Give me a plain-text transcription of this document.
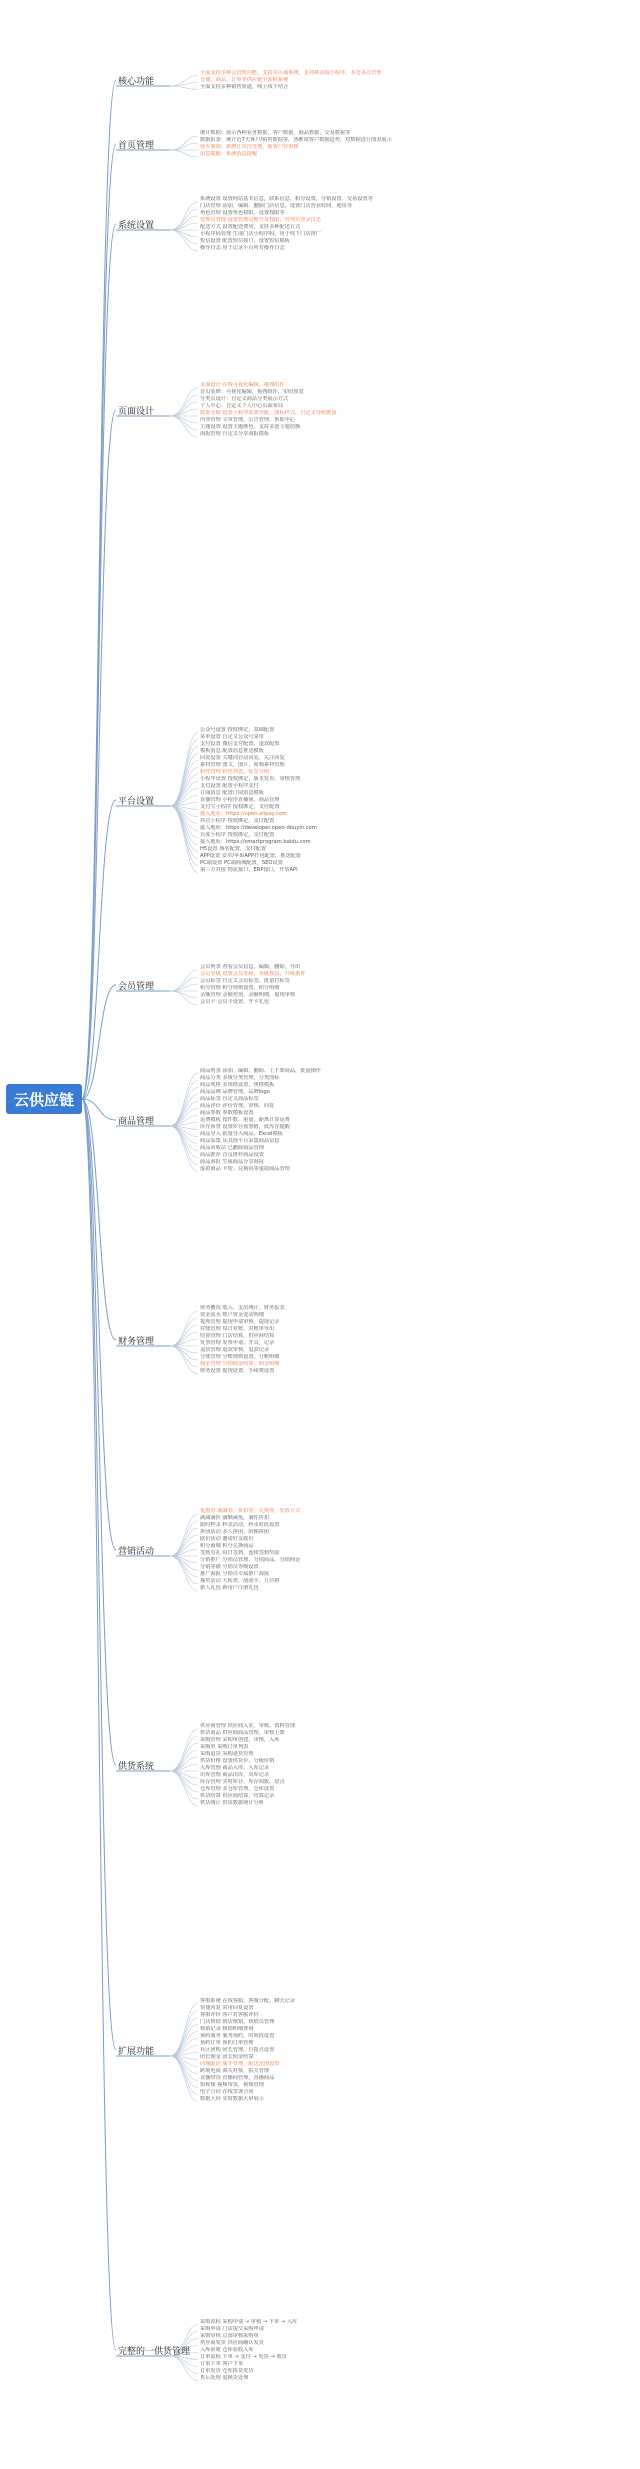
云供应链
核心功能
全面支持多种云管理功能，支持多区域系统，支持移动端小程序，多仓多点管理
仓储、商品、订单等供应链全流程系统
全面支持多种销售渠道，线上线下结合
首页管理
统计数据：展示各种业务数据，客户数据，商品数据，交易数据等
数据报表：统计近7天客户/销售数据等，各维度客户数据趋势，对数据进行图表展示
待办事项：新增订单待处理，新客户待审核
消息提醒：系统消息提醒
系统设置
系统设置 设置网站基本信息，联系信息，积分设置，分销设置，交易设置等
门店管理 添加、编辑、删除门店信息，设置门店营业时间、地址等
角色管理 设置角色权限，设置权限等
管理员管理 设置管理员账号及权限，管理员登录日志
配送方式 设置配送费用，支持多种配送方式
小程序码管理 生成门店小程序码，用于线下门店推广
短信设置 配置短信接口，设置短信模板
操作日志 用于记录平台所有操作日志
页面设计
页面设计 在线可视化编辑，拖拽组件
首页装修：可视化编辑，拖拽组件，实时预览
分类页设计：自定义商品分类展示方式
个人中心：自定义个人中心页面布局
底部导航 设置小程序底部导航，图标样式，自定义导航链接
内容管理 文章管理，公告管理，帮助中心
主题设置 设置主题颜色，支持多套主题切换
海报管理 自定义分享海报模板
平台设置
公众号设置 授权绑定，基础配置
菜单设置 自定义公众号菜单
支付设置 微信支付配置，退款配置
模板消息 配置消息推送模板
回复设置 关键词自动回复，关注回复
素材管理 图文、图片、视频素材管理
粉丝管理 粉丝列表，标签分组
小程序设置 授权绑定，版本发布，审核管理
支付设置 配置小程序支付
订阅消息 配置订阅消息模板
直播管理 小程序直播间，商品管理
支付宝小程序 授权绑定，支付配置
接入地址：https://open.alipay.com
抖音小程序 授权绑定，支付配置
接入地址：https://developer.open-douyin.com
百度小程序 授权绑定，支付配置
接入地址：https://smartprogram.baidu.com
H5设置 域名配置，支付配置
APP设置 安卓/苹果APP打包配置，推送配置
PC端设置 PC端商城配置，SEO设置
第三方对接 物流接口，ERP接口，开放API
会员管理
会员列表 查看会员信息，编辑，删除，导出
会员等级 设置会员等级，等级权益，升级条件
会员标签 自定义会员标签，批量打标签
积分管理 积分规则设置，积分明细
余额管理 余额充值，余额明细，提现审核
会员卡 会员卡设置，开卡礼包
商品管理
商品列表 添加、编辑、删除、上下架商品，批量操作
商品分类 多级分类管理，分类图标
商品规格 多规格设置，规格模板
商品品牌 品牌管理，品牌logo
商品标签 自定义商品标签
商品评价 评价管理，审核，回复
商品参数 参数模板设置
运费模板 按件数、重量、距离计算运费
库存预警 设置库存预警值，低库存提醒
商品导入 批量导入商品，Excel模板
商品采集 从其他平台采集商品信息
商品回收站 已删除商品管理
商品推荐 首页推荐商品设置
商品海报 生成商品分享海报
虚拟商品 卡密、兑换码等虚拟商品管理
财务管理
财务概况 收入、支出统计，财务报表
资金流水 账户资金变动明细
提现管理 提现申请审核，提现记录
对账管理 每日对账，对账单导出
结算管理 门店结算，供应商结算
发票管理 发票申请，开具，记录
退款管理 退款审核，退款记录
分账管理 分账规则设置，分账明细
佣金管理 分销佣金结算，佣金明细
财务设置 提现设置，手续费设置
营销活动
优惠券 满减券，折扣券，兑换券，发放方式
满减满折 满额减免，满件折扣
限时秒杀 秒杀活动，秒杀时段设置
拼团活动 多人拼团，阶梯拼团
砍价活动 邀请好友砍价
积分商城 积分兑换商品
签到有礼 每日签到，连续签到奖励
分销推广 分销员管理，分销商品，分销佣金
分销等级 分销员等级设置
推广海报 分销员专属推广海报
抽奖活动 大转盘，刮刮卡，九宫格
新人礼包 新用户注册礼包
供货系统
供应商管理 供应商入驻，审核，资料管理
供货商品 供应商商品管理，审核上架
采购管理 采购单创建，审核，入库
采购单 采购订单列表
采购退货 采购退货管理
供货价格 设置供货价，分级价格
入库管理 商品入库，入库记录
出库管理 商品出库，出库记录
库存管理 实时库存，库存调拨，盘点
仓库管理 多仓库管理，仓库设置
供货结算 供应商结算，结算记录
供货统计 供货数据统计分析
扩展功能
客服系统 在线客服，客服分配，聊天记录
快捷回复 常用回复设置
客服评价 客户对客服评价
门店核销 到店核销，核销员管理
核销记录 核销明细查询
预约服务 服务预约，时间段设置
预约订单 预约订单管理
社区团购 团长管理，自提点设置
团长佣金 团长佣金结算
同城配送 骑手管理，配送范围设置
跨境电商 海关对接，报关管理
直播带货 直播间管理，直播商品
短视频 视频带货，视频管理
电子合同 在线签署合同
数据大屏 实时数据大屏展示
完整的一供货管理
采购流程 采购申请 → 审核 → 下单 → 入库
采购申请 门店提交采购申请
采购审核 总部审核采购单
供应商发货 供应商确认发货
入库验收 仓库验收入库
订单流程 下单 → 支付 → 发货 → 收货
订单下单 客户下单
订单发货 仓库拣货发货
售后处理 退换货处理
